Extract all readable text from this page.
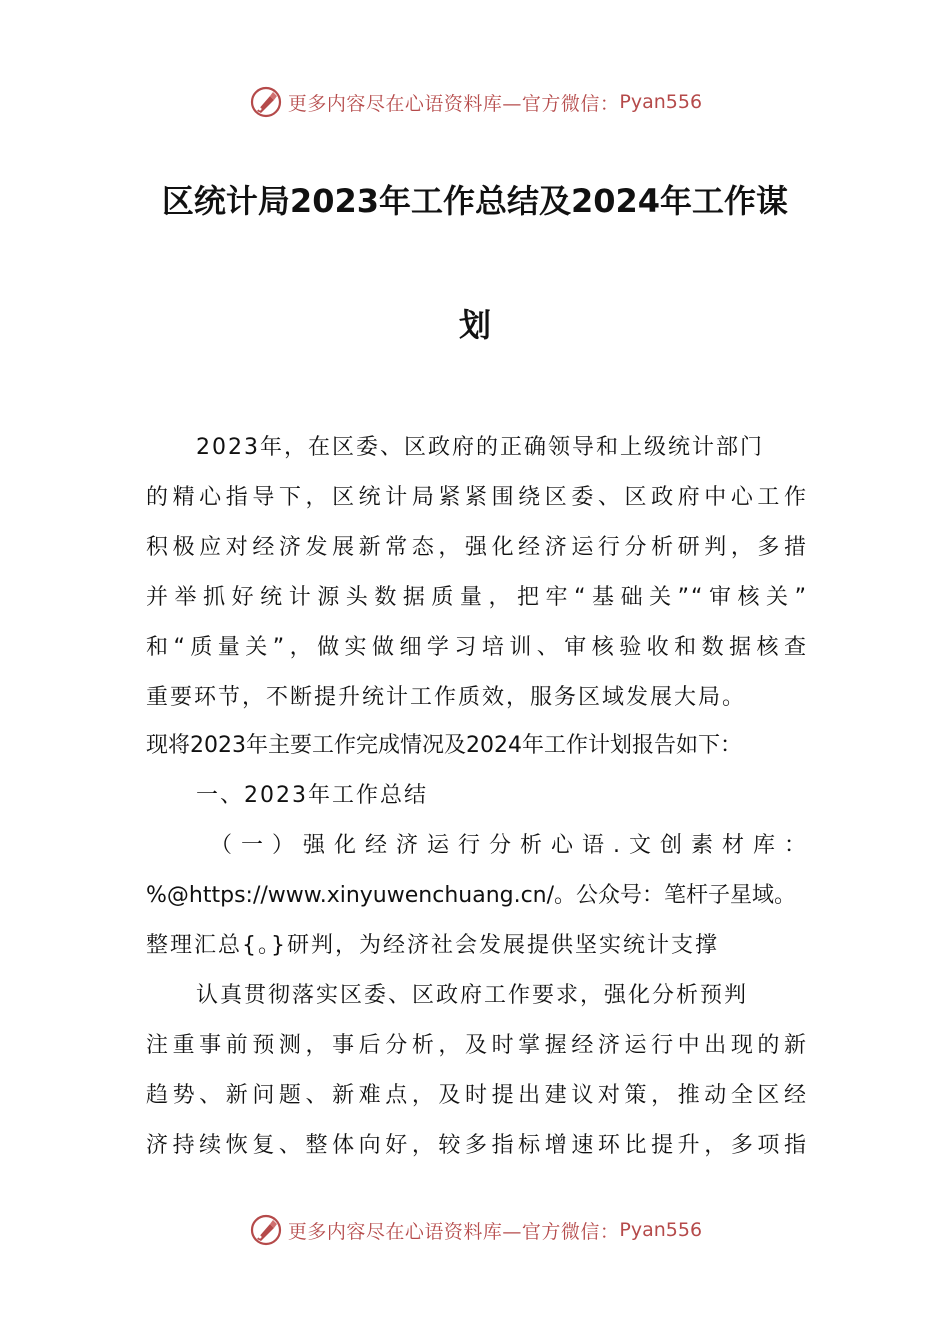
更多内容尽在心语资料库—官方微信： Pyan556
区统计局2023年工作总结及2024年工作谋
划
2023年，在区委、区政府的正确领导和上级统计部门
的精心指导下，区统计局紧紧围绕区委、区政府中心工作
积极应对经济发展新常态，强化经济运行分析研判，多措
并举抓好统计源头数据质量，把牢“基础关”“审核关”
和“质量关”，做实做细学习培训、审核验收和数据核查
重要环节，不断提升统计工作质效，服务区域发展大局。
现将2023年主要工作完成情况及2024年工作计划报告如下：
一、2023年工作总结
（一）强化经济运行分析心语.文创素材库：
%@https://www.xinyuwenchuang.cn/。公众号：笔杆子星域。
整理汇总{。}研判，为经济社会发展提供坚实统计支撑
认真贯彻落实区委、区政府工作要求，强化分析预判
注重事前预测，事后分析，及时掌握经济运行中出现的新
趋势、新问题、新难点，及时提出建议对策，推动全区经
济持续恢复、整体向好，较多指标增速环比提升，多项指
更多内容尽在心语资料库—官方微信： Pyan556
